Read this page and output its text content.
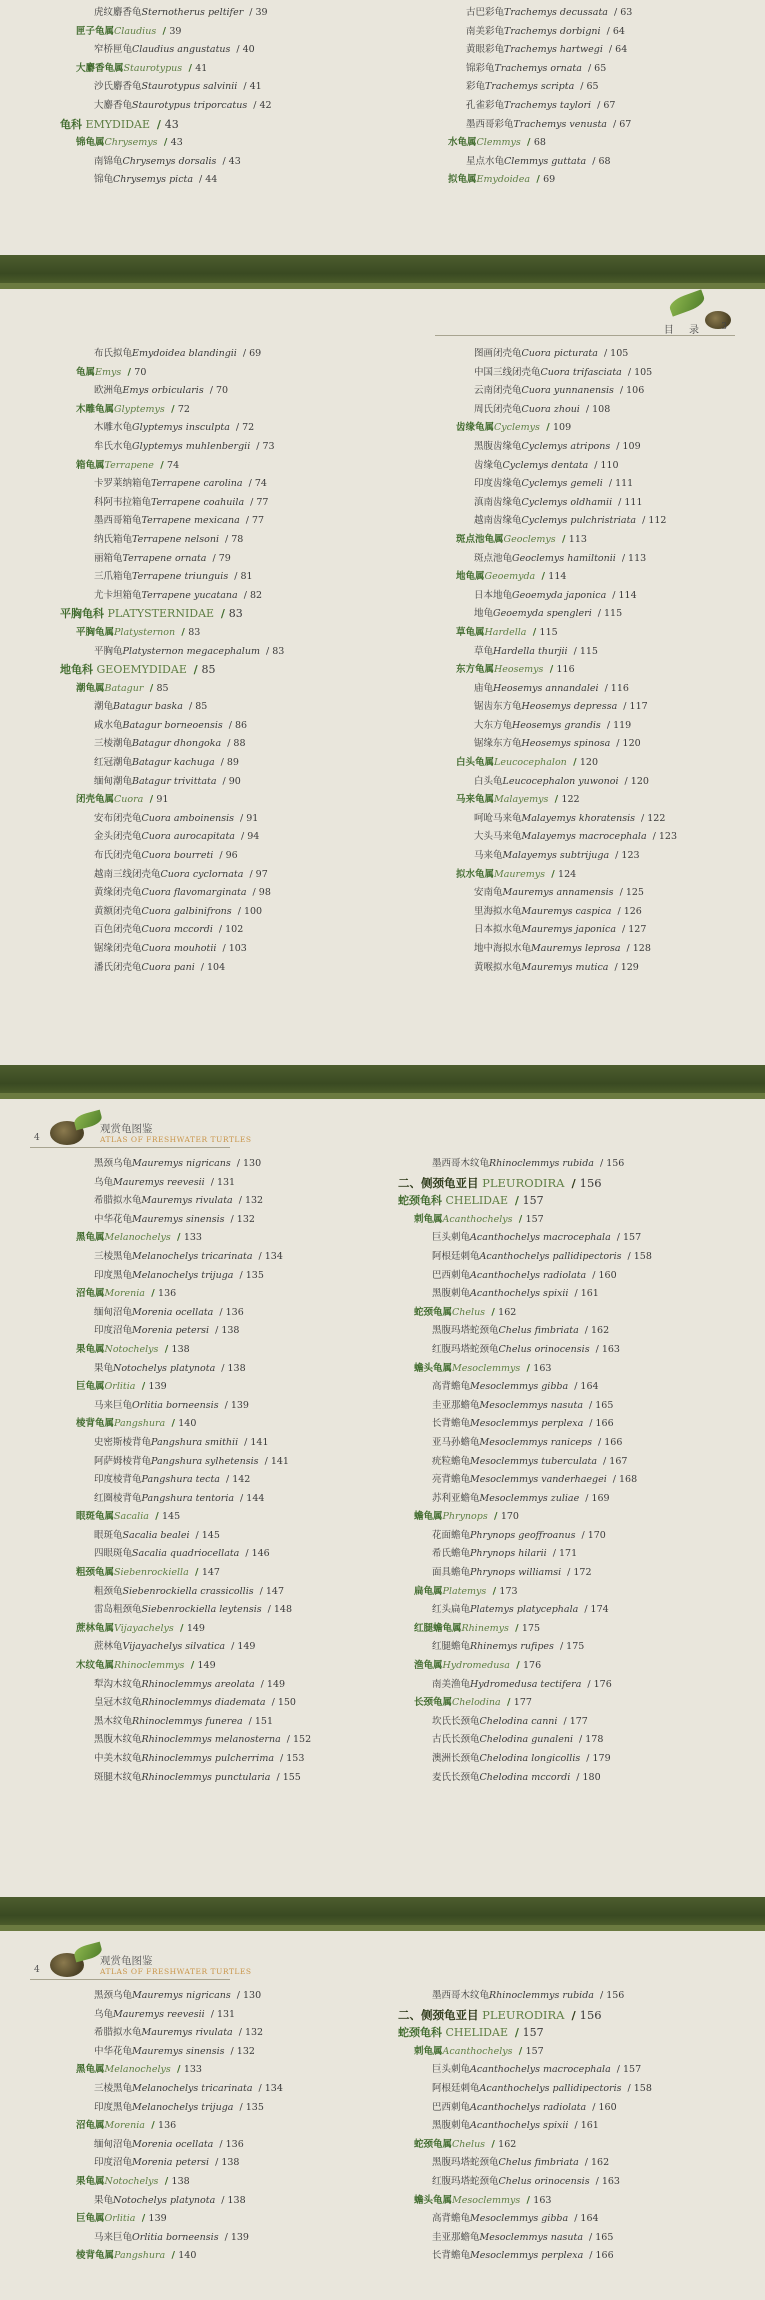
虎纹麝香龟Sternotherus peltifer / 39
匣子龟属Claudius / 39
窄桥匣龟Claudius angustatus / 40
大麝香龟属Staurotypus / 41
沙氏麝香龟Staurotypus salvinii / 41
大麝香龟Staurotypus triporcatus / 42
龟科 EMYDIDAE / 43
锦龟属Chrysemys / 43
南锦龟Chrysemys dorsalis / 43
锦龟Chrysemys picta / 44
古巴彩龟Trachemys decussata / 63
南美彩龟Trachemys dorbigni / 64
黄眼彩龟Trachemys hartwegi / 64
锦彩龟Trachemys ornata / 65
彩龟Trachemys scripta / 65
孔雀彩龟Trachemys taylori / 67
墨西哥彩龟Trachemys venusta / 67
水龟属Clemmys / 68
星点水龟Clemmys guttata / 68
拟龟属Emydoidea / 69
目 录 3
布氏拟龟Emydoidea blandingii / 69
龟属Emys / 70
欧洲龟Emys orbicularis / 70
木雕龟属Glyptemys / 72
木雕水龟Glyptemys insculpta / 72
牟氏水龟Glyptemys muhlenbergii / 73
箱龟属Terrapene / 74
卡罗莱纳箱龟Terrapene carolina / 74
科阿韦拉箱龟Terrapene coahuila / 77
墨西哥箱龟Terrapene mexicana / 77
纳氏箱龟Terrapene nelsoni / 78
丽箱龟Terrapene ornata / 79
三爪箱龟Terrapene triunguis / 81
尤卡坦箱龟Terrapene yucatana / 82
平胸龟科 PLATYSTERNIDAE / 83
平胸龟属Platysternon / 83
平胸龟Platysternon megacephalum / 83
地龟科 GEOEMYDIDAE / 85
潮龟属Batagur / 85
潮龟Batagur baska / 85
咸水龟Batagur borneoensis / 86
三棱潮龟Batagur dhongoka / 88
红冠潮龟Batagur kachuga / 89
缅甸潮龟Batagur trivittata / 90
闭壳龟属Cuora / 91
安布闭壳龟Cuora amboinensis / 91
金头闭壳龟Cuora aurocapitata / 94
布氏闭壳龟Cuora bourreti / 96
越南三线闭壳龟Cuora cyclornata / 97
黄缘闭壳龟Cuora flavomarginata / 98
黄额闭壳龟Cuora galbinifrons / 100
百色闭壳龟Cuora mccordi / 102
锯缘闭壳龟Cuora mouhotii / 103
潘氏闭壳龟Cuora pani / 104
图画闭壳龟Cuora picturata / 105
中国三线闭壳龟Cuora trifasciata / 105
云南闭壳龟Cuora yunnanensis / 106
周氏闭壳龟Cuora zhoui / 108
齿缘龟属Cyclemys / 109
黑腹齿缘龟Cyclemys atripons / 109
齿缘龟Cyclemys dentata / 110
印度齿缘龟Cyclemys gemeli / 111
滇南齿缘龟Cyclemys oldhamii / 111
越南齿缘龟Cyclemys pulchristriata / 112
斑点池龟属Geoclemys / 113
斑点池龟Geoclemys hamiltonii / 113
地龟属Geoemyda / 114
日本地龟Geoemyda japonica / 114
地龟Geoemyda spengleri / 115
草龟属Hardella / 115
草龟Hardella thurjii / 115
东方龟属Heosemys / 116
庙龟Heosemys annandalei / 116
锯齿东方龟Heosemys depressa / 117
大东方龟Heosemys grandis / 119
锯缘东方龟Heosemys spinosa / 120
白头龟属Leucocephalon / 120
白头龟Leucocephalon yuwonoi / 120
马来龟属Malayemys / 122
呵呛马来龟Malayemys khoratensis / 122
大头马来龟Malayemys macrocephala / 123
马来龟Malayemys subtrijuga / 123
拟水龟属Mauremys / 124
安南龟Mauremys annamensis / 125
里海拟水龟Mauremys caspica / 126
日本拟水龟Mauremys japonica / 127
地中海拟水龟Mauremys leprosa / 128
黄喉拟水龟Mauremys mutica / 129
4
观赏龟图鉴
ATLAS OF FRESHWATER TURTLES
黑颈乌龟Mauremys nigricans / 130
乌龟Mauremys reevesii / 131
希腊拟水龟Mauremys rivulata / 132
中华花龟Mauremys sinensis / 132
黑龟属Melanochelys / 133
三棱黑龟Melanochelys tricarinata / 134
印度黑龟Melanochelys trijuga / 135
沼龟属Morenia / 136
缅甸沼龟Morenia ocellata / 136
印度沼龟Morenia petersi / 138
果龟属Notochelys / 138
果龟Notochelys platynota / 138
巨龟属Orlitia / 139
马来巨龟Orlitia borneensis / 139
棱背龟属Pangshura / 140
史密斯棱背龟Pangshura smithii / 141
阿萨姆棱背龟Pangshura sylhetensis / 141
印度棱背龟Pangshura tecta / 142
红圈棱背龟Pangshura tentoria / 144
眼斑龟属Sacalia / 145
眼斑龟Sacalia bealei / 145
四眼斑龟Sacalia quadriocellata / 146
粗颈龟属Siebenrockiella / 147
粗颈龟Siebenrockiella crassicollis / 147
雷岛粗颈龟Siebenrockiella leytensis / 148
蔗林龟属Vijayachelys / 149
蔗林龟Vijayachelys silvatica / 149
木纹龟属Rhinoclemmys / 149
犁沟木纹龟Rhinoclemmys areolata / 149
皇冠木纹龟Rhinoclemmys diademata / 150
黑木纹龟Rhinoclemmys funerea / 151
黑腹木纹龟Rhinoclemmys melanosterna / 152
中美木纹龟Rhinoclemmys pulcherrima / 153
斑腿木纹龟Rhinoclemmys punctularia / 155
墨西哥木纹龟Rhinoclemmys rubida / 156
二、侧颈龟亚目 PLEURODIRA / 156
蛇颈龟科 CHELIDAE / 157
刺龟属Acanthochelys / 157
巨头刺龟Acanthochelys macrocephala / 157
阿根廷刺龟Acanthochelys pallidipectoris / 158
巴西刺龟Acanthochelys radiolata / 160
黑腹刺龟Acanthochelys spixii / 161
蛇颈龟属Chelus / 162
黑腹玛塔蛇颈龟Chelus fimbriata / 162
红腹玛塔蛇颈龟Chelus orinocensis / 163
蟾头龟属Mesoclemmys / 163
高背蟾龟Mesoclemmys gibba / 164
圭亚那蟾龟Mesoclemmys nasuta / 165
长背蟾龟Mesoclemmys perplexa / 166
亚马孙蟾龟Mesoclemmys raniceps / 166
疣粒蟾龟Mesoclemmys tuberculata / 167
亮背蟾龟Mesoclemmys vanderhaegei / 168
苏利亚蟾龟Mesoclemmys zuliae / 169
蟾龟属Phrynops / 170
花面蟾龟Phrynops geoffroanus / 170
希氏蟾龟Phrynops hilarii / 171
面具蟾龟Phrynops williamsi / 172
扁龟属Platemys / 173
红头扁龟Platemys platycephala / 174
红腿蟾龟属Rhinemys / 175
红腿蟾龟Rhinemys rufipes / 175
渔龟属Hydromedusa / 176
南美渔龟Hydromedusa tectifera / 176
长颈龟属Chelodina / 177
坎氏长颈龟Chelodina canni / 177
古氏长颈龟Chelodina gunaleni / 178
澳洲长颈龟Chelodina longicollis / 179
麦氏长颈龟Chelodina mccordi / 180
4
观赏龟图鉴
ATLAS OF FRESHWATER TURTLES
黑颈乌龟Mauremys nigricans / 130
乌龟Mauremys reevesii / 131
希腊拟水龟Mauremys rivulata / 132
中华花龟Mauremys sinensis / 132
黑龟属Melanochelys / 133
三棱黑龟Melanochelys tricarinata / 134
印度黑龟Melanochelys trijuga / 135
沼龟属Morenia / 136
缅甸沼龟Morenia ocellata / 136
印度沼龟Morenia petersi / 138
果龟属Notochelys / 138
果龟Notochelys platynota / 138
巨龟属Orlitia / 139
马来巨龟Orlitia borneensis / 139
棱背龟属Pangshura / 140
墨西哥木纹龟Rhinoclemmys rubida / 156
二、侧颈龟亚目 PLEURODIRA / 156
蛇颈龟科 CHELIDAE / 157
刺龟属Acanthochelys / 157
巨头刺龟Acanthochelys macrocephala / 157
阿根廷刺龟Acanthochelys pallidipectoris / 158
巴西刺龟Acanthochelys radiolata / 160
黑腹刺龟Acanthochelys spixii / 161
蛇颈龟属Chelus / 162
黑腹玛塔蛇颈龟Chelus fimbriata / 162
红腹玛塔蛇颈龟Chelus orinocensis / 163
蟾头龟属Mesoclemmys / 163
高背蟾龟Mesoclemmys gibba / 164
圭亚那蟾龟Mesoclemmys nasuta / 165
长背蟾龟Mesoclemmys perplexa / 166
